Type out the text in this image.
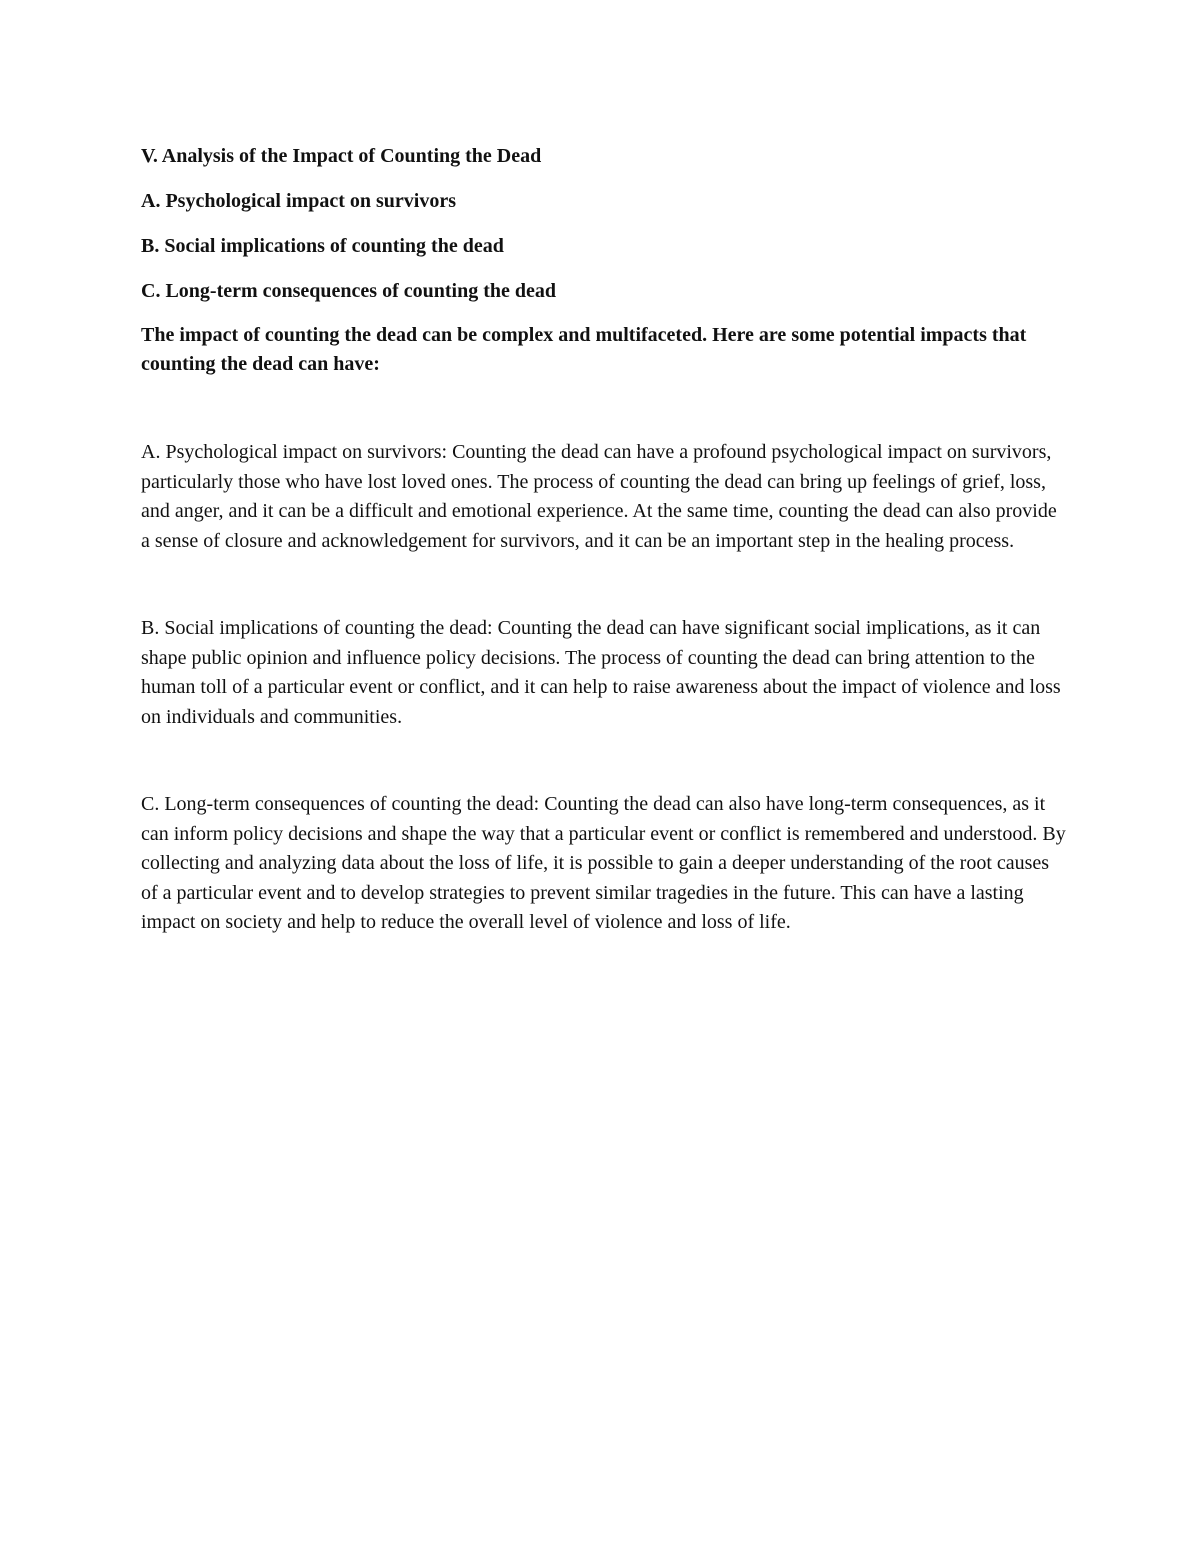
V. Analysis of the Impact of Counting the Dead

A. Psychological impact on survivors

B. Social implications of counting the dead

C. Long-term consequences of counting the dead

The impact of counting the dead can be complex and multifaceted. Here are some potential impacts that counting the dead can have:

A. Psychological impact on survivors: Counting the dead can have a profound psychological impact on survivors, particularly those who have lost loved ones. The process of counting the dead can bring up feelings of grief, loss, and anger, and it can be a difficult and emotional experience. At the same time, counting the dead can also provide a sense of closure and acknowledgement for survivors, and it can be an important step in the healing process.

B. Social implications of counting the dead: Counting the dead can have significant social implications, as it can shape public opinion and influence policy decisions. The process of counting the dead can bring attention to the human toll of a particular event or conflict, and it can help to raise awareness about the impact of violence and loss on individuals and communities.

C. Long-term consequences of counting the dead: Counting the dead can also have long-term consequences, as it can inform policy decisions and shape the way that a particular event or conflict is remembered and understood. By collecting and analyzing data about the loss of life, it is possible to gain a deeper understanding of the root causes of a particular event and to develop strategies to prevent similar tragedies in the future. This can have a lasting impact on society and help to reduce the overall level of violence and loss of life.
